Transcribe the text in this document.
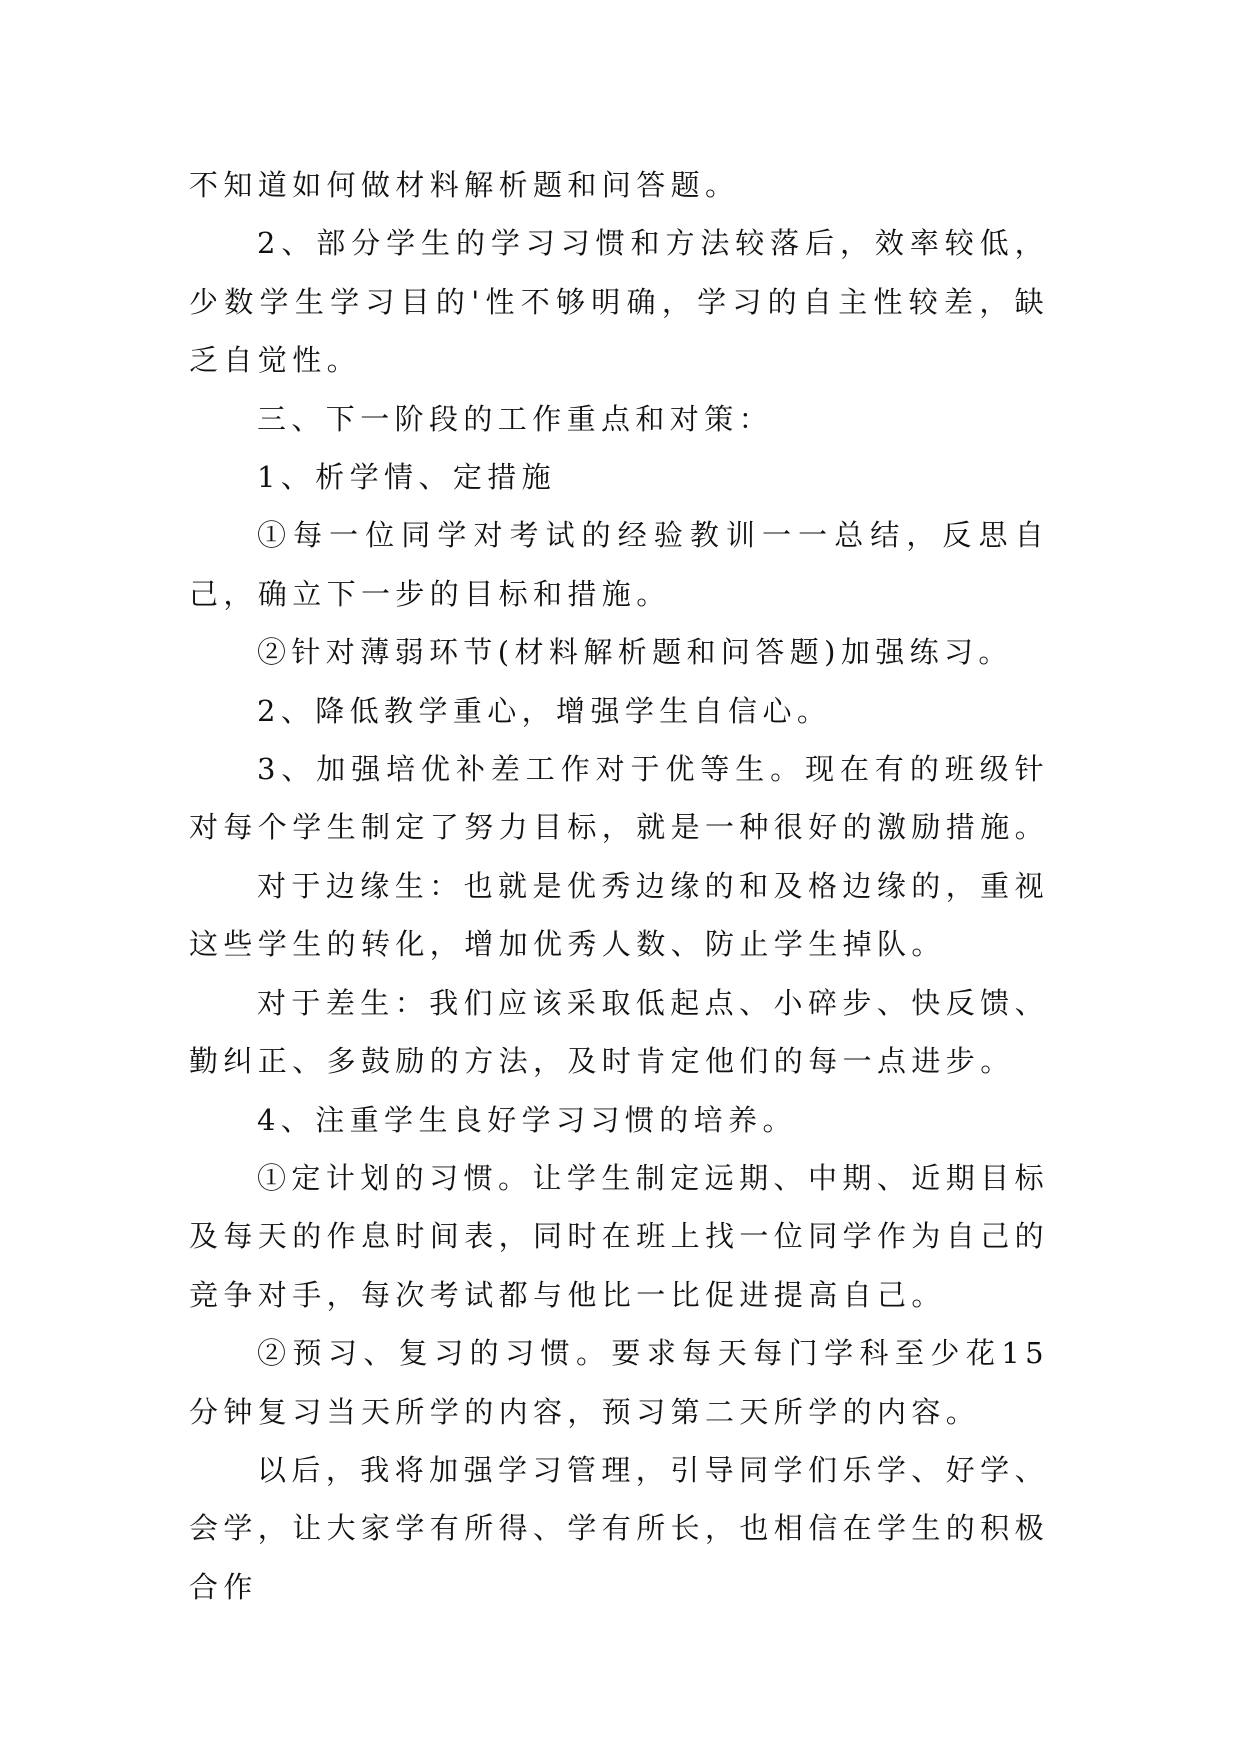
不知道如何做材料解析题和问答题。

2、部分学生的学习习惯和方法较落后，效率较低，少数学生学习目的'性不够明确，学习的自主性较差，缺乏自觉性。

三、下一阶段的工作重点和对策：

1、析学情、定措施

①每一位同学对考试的经验教训一一总结，反思自己，确立下一步的目标和措施。

②针对薄弱环节(材料解析题和问答题)加强练习。

2、降低教学重心，增强学生自信心。

3、加强培优补差工作对于优等生。现在有的班级针对每个学生制定了努力目标，就是一种很好的激励措施。

对于边缘生：也就是优秀边缘的和及格边缘的，重视这些学生的转化，增加优秀人数、防止学生掉队。

对于差生：我们应该采取低起点、小碎步、快反馈、勤纠正、多鼓励的方法，及时肯定他们的每一点进步。

4、注重学生良好学习习惯的培养。

①定计划的习惯。让学生制定远期、中期、近期目标及每天的作息时间表，同时在班上找一位同学作为自己的竞争对手，每次考试都与他比一比促进提高自己。

②预习、复习的习惯。要求每天每门学科至少花15分钟复习当天所学的内容，预习第二天所学的内容。

以后，我将加强学习管理，引导同学们乐学、好学、会学，让大家学有所得、学有所长，也相信在学生的积极合作
